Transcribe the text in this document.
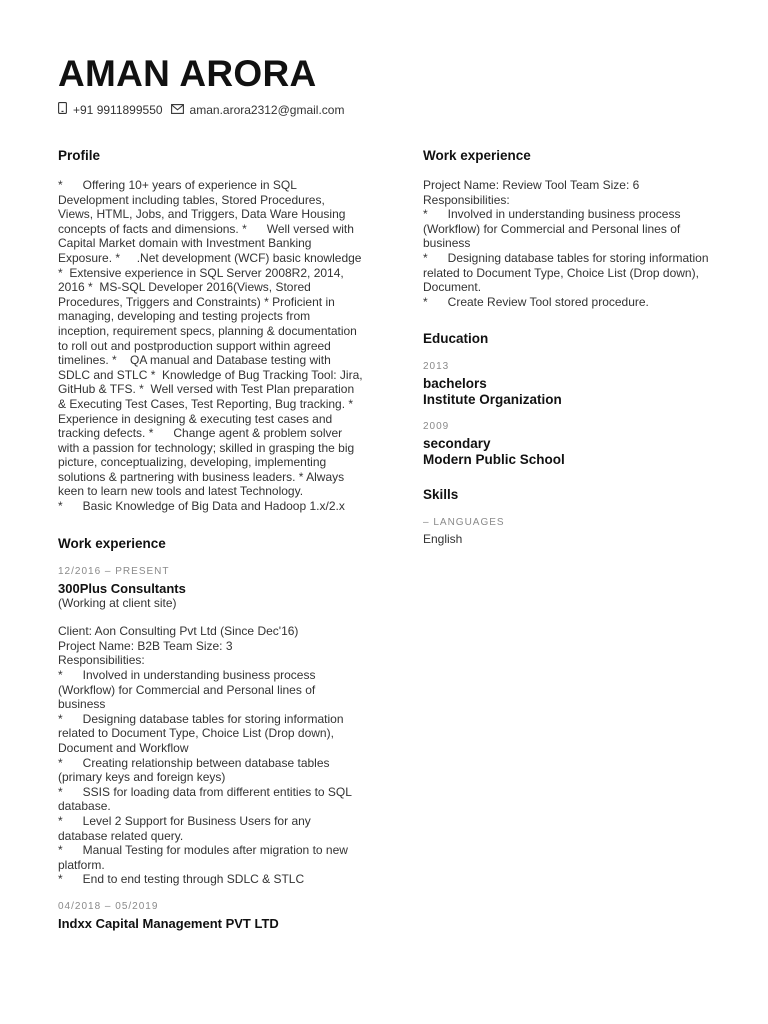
AMAN ARORA
+91 9911899550 aman.arora2312@gmail.com
Profile
*      Offering 10+ years of experience in SQL Development including tables, Stored Procedures, Views, HTML, Jobs, and Triggers, Data Ware Housing concepts of facts and dimensions. *      Well versed with Capital Market domain with Investment Banking Exposure. *     .Net development (WCF) basic knowledge *  Extensive experience in SQL Server 2008R2, 2014, 2016 *  MS-SQL Developer 2016(Views, Stored Procedures, Triggers and Constraints) * Proficient in managing, developing and testing projects from inception, requirement specs, planning & documentation to roll out and postproduction support within agreed timelines. *    QA manual and Database testing with SDLC and STLC *  Knowledge of Bug Tracking Tool: Jira, GitHub & TFS. *  Well versed with Test Plan preparation & Executing Test Cases, Test Reporting, Bug tracking. *  Experience in designing & executing test cases and tracking defects. *      Change agent & problem solver with a passion for technology; skilled in grasping the big picture, conceptualizing, developing, implementing solutions & partnering with business leaders. * Always keen to learn new tools and latest Technology.
*      Basic Knowledge of Big Data and Hadoop 1.x/2.x
Work experience
12/2016 – PRESENT
300Plus Consultants
(Working at client site)
Client: Aon Consulting Pvt Ltd (Since Dec'16)
Project Name: B2B Team Size: 3
Responsibilities:
*      Involved in understanding business process (Workflow) for Commercial and Personal lines of business
*      Designing database tables for storing information related to Document Type, Choice List (Drop down), Document and Workflow
*      Creating relationship between database tables (primary keys and foreign keys)
*      SSIS for loading data from different entities to SQL database.
*      Level 2 Support for Business Users for any database related query.
*      Manual Testing for modules after migration to new platform.
*      End to end testing through SDLC & STLC
04/2018 – 05/2019
Indxx Capital Management PVT LTD
Work experience
Project Name: Review Tool Team Size: 6
Responsibilities:
*      Involved in understanding business process (Workflow) for Commercial and Personal lines of business
*      Designing database tables for storing information related to Document Type, Choice List (Drop down), Document.
*      Create Review Tool stored procedure.
Education
2013
bachelors
Institute Organization
2009
secondary
Modern Public School
Skills
– LANGUAGES
English
